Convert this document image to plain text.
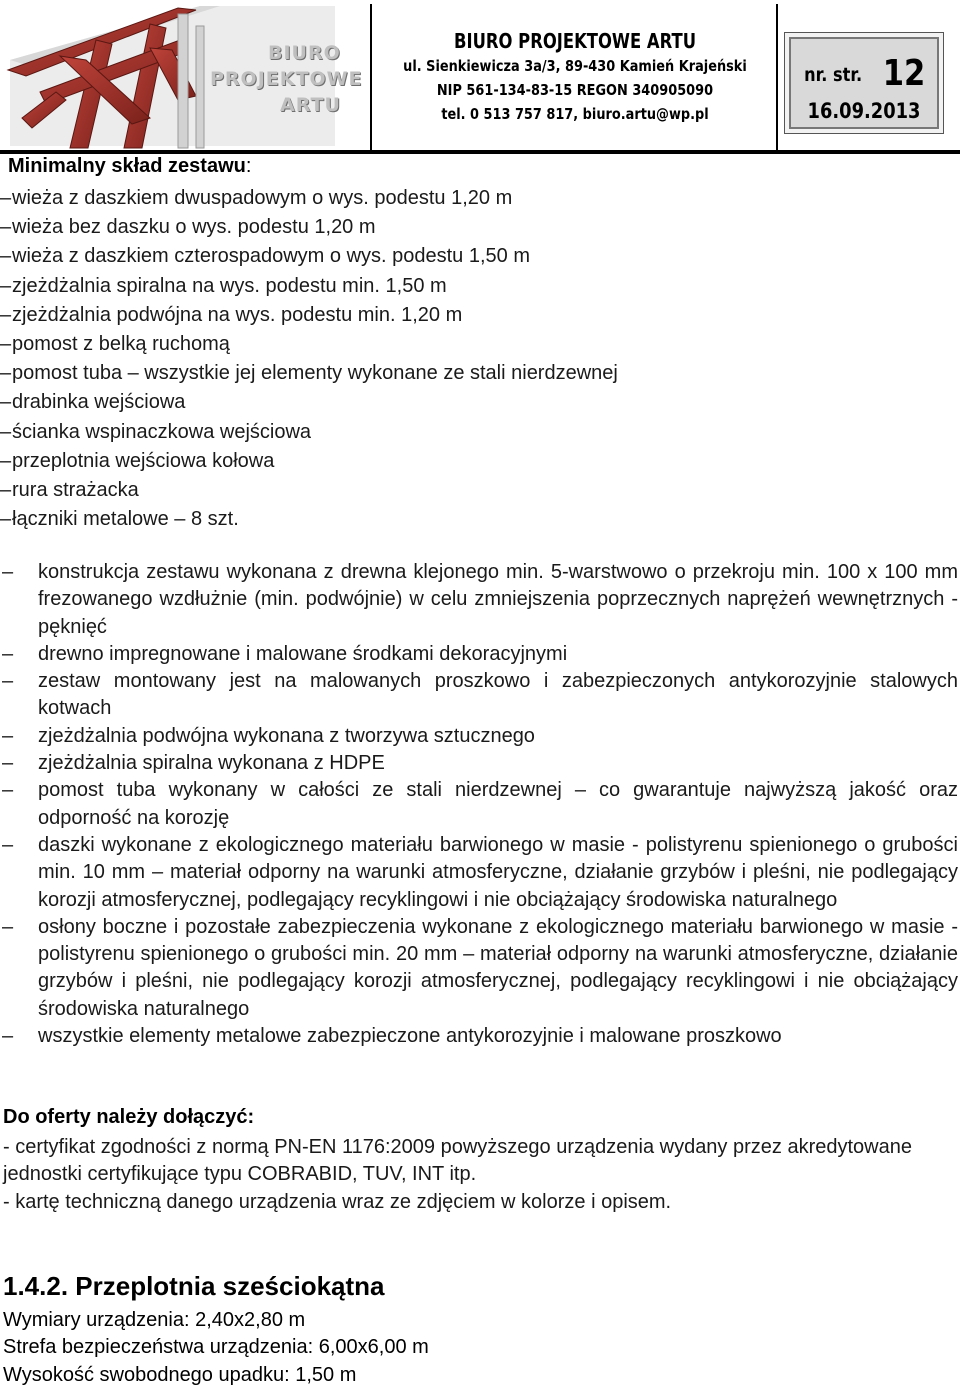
BIURO
PROJEKTOWE
ARTU
BIURO PROJEKTOWE ARTU
ul. Sienkiewicza 3a/3, 89-430 Kamień Krajeński
NIP 561-134-83-15 REGON 340905090
tel. 0 513 757 817, biuro.artu@wp.pl
nr. str. 12
16.09.2013
Minimalny skład zestawu:
–wieża z daszkiem dwuspadowym o wys. podestu 1,20 m
–wieża bez daszku o wys. podestu 1,20 m
–wieża z daszkiem czterospadowym o wys. podestu 1,50 m
–zjeżdżalnia spiralna na wys. podestu min. 1,50 m
–zjeżdżalnia podwójna na wys. podestu min. 1,20 m
–pomost z belką ruchomą
–pomost tuba – wszystkie jej elementy wykonane ze stali nierdzewnej
–drabinka wejściowa
–ścianka wspinaczkowa wejściowa
–przeplotnia wejściowa kołowa
–rura strażacka
–łączniki metalowe – 8 szt.
– konstrukcja zestawu wykonana z drewna klejonego min. 5-warstwowo o przekroju min. 100 x 100 mm frezowanego wzdłużnie (min. podwójnie) w celu zmniejszenia poprzecznych naprężeń wewnętrznych - pęknięć
– drewno impregnowane i malowane środkami dekoracyjnymi
– zestaw montowany jest na malowanych proszkowo i zabezpieczonych antykorozyjnie stalowych kotwach
– zjeżdżalnia podwójna wykonana z tworzywa sztucznego
– zjeżdżalnia spiralna wykonana z HDPE
– pomost tuba wykonany w całości ze stali nierdzewnej – co gwarantuje najwyższą jakość oraz odporność na korozję
– daszki wykonane z ekologicznego materiału barwionego w masie - polistyrenu spienionego o grubości min. 10 mm – materiał odporny na warunki atmosferyczne, działanie grzybów i pleśni, nie podlegający korozji atmosferycznej, podlegający recyklingowi i nie obciążający środowiska naturalnego
– osłony boczne i pozostałe zabezpieczenia wykonane z ekologicznego materiału barwionego w masie - polistyrenu spienionego o grubości min. 20 mm – materiał odporny na warunki atmosferyczne, działanie grzybów i pleśni, nie podlegający korozji atmosferycznej, podlegający recyklingowi i nie obciążający środowiska naturalnego
– wszystkie elementy metalowe zabezpieczone antykorozyjnie i malowane proszkowo
Do oferty należy dołączyć:

- certyfikat zgodności z normą PN-EN 1176:2009 powyższego urządzenia wydany przez akredytowane jednostki certyfikujące typu COBRABID, TUV, INT itp.

- kartę techniczną danego urządzenia wraz ze zdjęciem w kolorze i opisem.

1.4.2. Przeplotnia sześciokątna

Wymiary urządzenia: 2,40x2,80 m

Strefa bezpieczeństwa urządzenia: 6,00x6,00 m

Wysokość swobodnego upadku: 1,50 m
